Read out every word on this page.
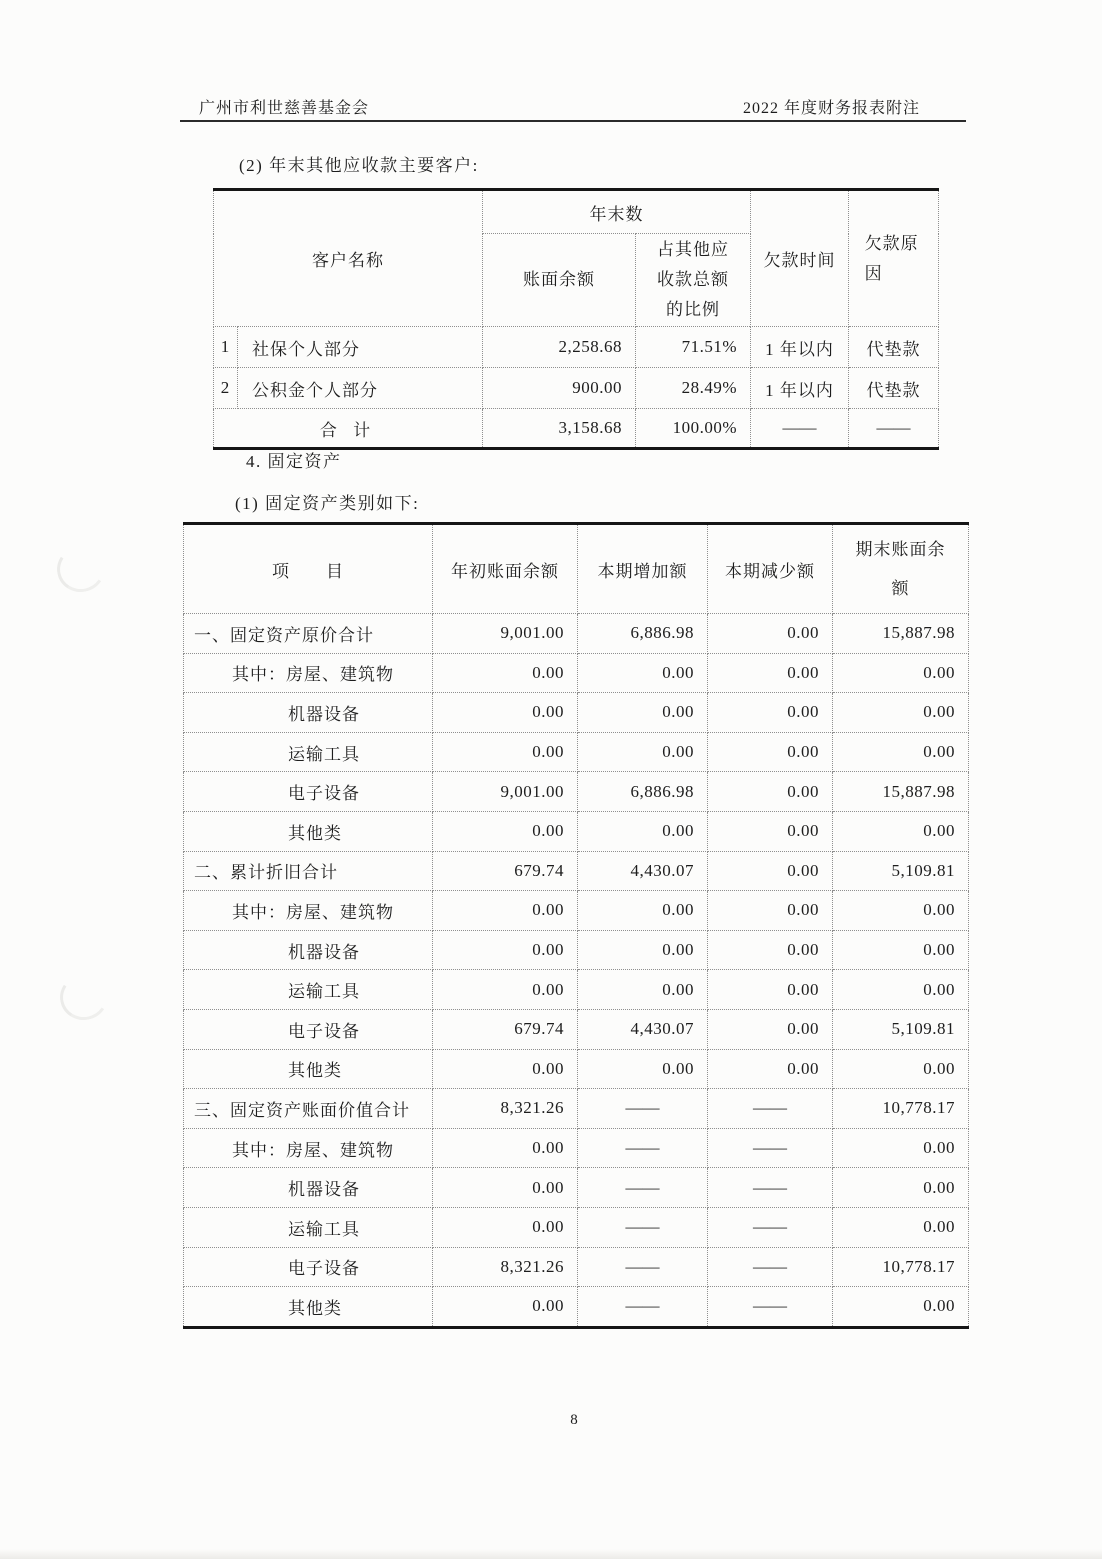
广州市利世慈善基金会	2022 年度财务报表附注
(2) 年末其他应收款主要客户:
客户名称		年末数		欠款时间	欠款原因
		账面余额	占其他应收款总额的比例		
1	社保个人部分	2,258.68	71.51%	1 年以内	代垫款
2	公积金个人部分	900.00	28.49%	1 年以内	代垫款
合 计		3,158.68	100.00%	——	——
4. 固定资产
(1) 固定资产类别如下:
项　　目	年初账面余额	本期增加额	本期减少额	期末账面余额
一、固定资产原价合计	9,001.00	6,886.98	0.00	15,887.98
其中：房屋、建筑物	0.00	0.00	0.00	0.00
机器设备	0.00	0.00	0.00	0.00
运输工具	0.00	0.00	0.00	0.00
电子设备	9,001.00	6,886.98	0.00	15,887.98
其他类	0.00	0.00	0.00	0.00
二、累计折旧合计	679.74	4,430.07	0.00	5,109.81
其中：房屋、建筑物	0.00	0.00	0.00	0.00
机器设备	0.00	0.00	0.00	0.00
运输工具	0.00	0.00	0.00	0.00
电子设备	679.74	4,430.07	0.00	5,109.81
其他类	0.00	0.00	0.00	0.00
三、固定资产账面价值合计	8,321.26	——	——	10,778.17
其中：房屋、建筑物	0.00	——	——	0.00
机器设备	0.00	——	——	0.00
运输工具	0.00	——	——	0.00
电子设备	8,321.26	——	——	10,778.17
其他类	0.00	——	——	0.00
8
